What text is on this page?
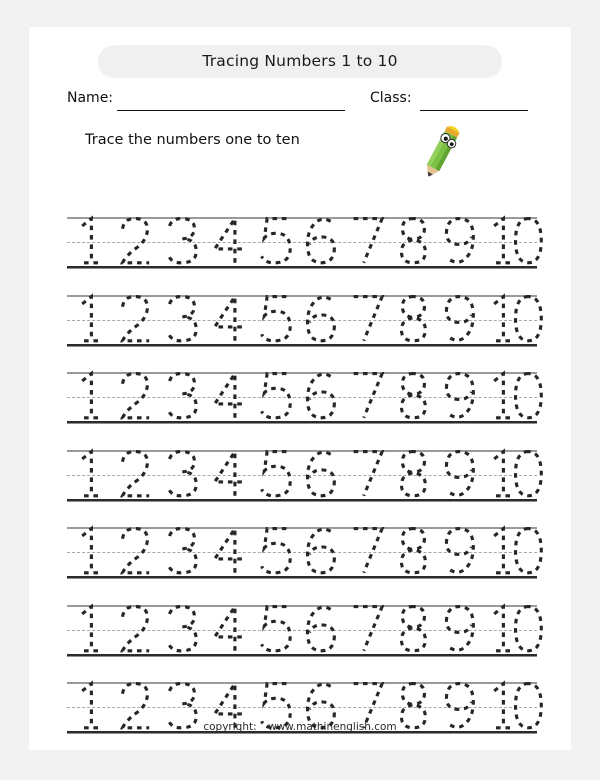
Tracing Numbers 1 to 10
Name:	Class:
Trace the numbers one to ten
copyright: www.mathinenglish.com
